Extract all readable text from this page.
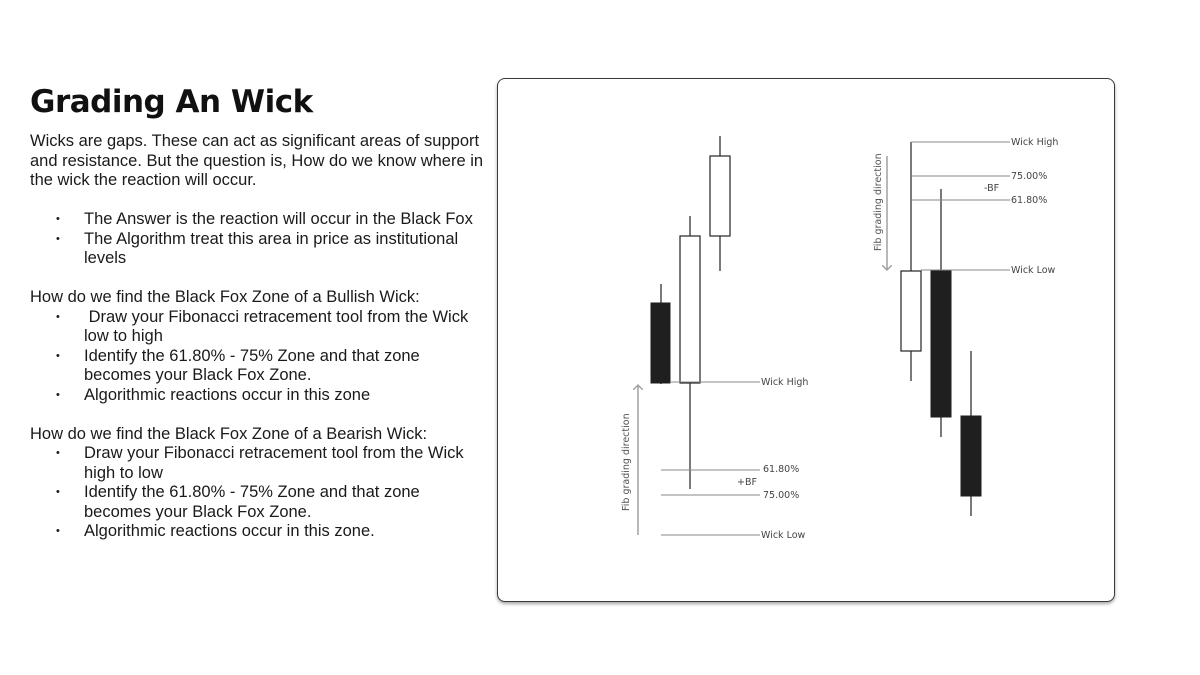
Grading An Wick

Wicks are gaps. These can act as significant areas of support and resistance. But the question is, How do we know where in the wick the reaction will occur.

• The Answer is the reaction will occur in the Black Fox
• The Algorithm treat this area in price as institutional levels

How do we find the Black Fox Zone of a Bullish Wick:

•  Draw your Fibonacci retracement tool from the Wick low to high
• Identify the 61.80% - 75% Zone and that zone becomes your Black Fox Zone.
• Algorithmic reactions occur in this zone

How do we find the Black Fox Zone of a Bearish Wick:

• Draw your Fibonacci retracement tool from the Wick high to low
• Identify the 61.80% - 75% Zone and that zone becomes your Black Fox Zone.
• Algorithmic reactions occur in this zone.
Fib grading direction
Wick High
61.80%
+BF
75.00%
Wick Low
Fib grading direction
Wick High
75.00%
-BF
61.80%
Wick Low
